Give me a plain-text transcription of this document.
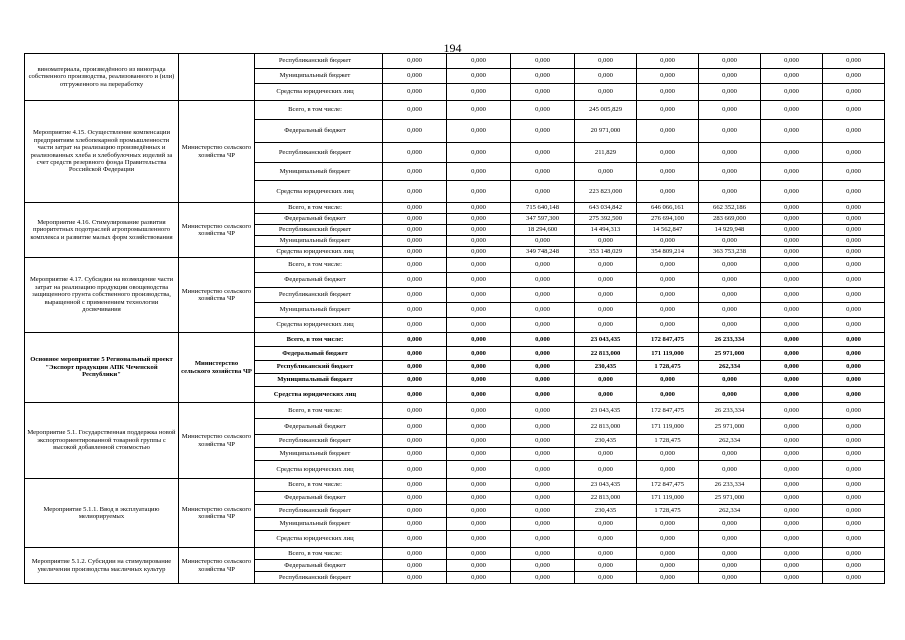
194
виноматериала, произведённого из винограда собственного производства, реализованного и (или) отгруженного на переработку		Республиканский бюджет	0,000	0,000	0,000	0,000	0,000	0,000	0,000	0,000
		Муниципальный бюджет	0,000	0,000	0,000	0,000	0,000	0,000	0,000	0,000
		Средства юридических лиц	0,000	0,000	0,000	0,000	0,000	0,000	0,000	0,000
Мероприятие 4.15. Осуществление компенсации предприятиям хлебопекарной промышленности части затрат на реализацию произведённых и реализованных хлеба и хлебобулочных изделий за счет средств резервного фонда Правительства Российской Федерации	Министерство сельского хозяйства ЧР	Всего, в том числе:	0,000	0,000	0,000	245 005,829	0,000	0,000	0,000	0,000
		Федеральный бюджет	0,000	0,000	0,000	20 971,000	0,000	0,000	0,000	0,000
		Республиканский бюджет	0,000	0,000	0,000	211,829	0,000	0,000	0,000	0,000
		Муниципальный бюджет	0,000	0,000	0,000	0,000	0,000	0,000	0,000	0,000
		Средства юридических лиц	0,000	0,000	0,000	223 823,000	0,000	0,000	0,000	0,000
Мероприятие 4.16. Стимулирование развития приоритетных подотраслей агропромышленного комплекса и развитие малых форм хозяйствования	Министерство сельского хозяйства ЧР	Всего, в том числе:	0,000	0,000	715 640,148	643 034,842	646 066,161	662 352,186	0,000	0,000
		Федеральный бюджет	0,000	0,000	347 597,300	275 392,500	276 694,100	283 669,000	0,000	0,000
		Республиканский бюджет	0,000	0,000	18 294,600	14 494,313	14 562,847	14 929,948	0,000	0,000
		Муниципальный бюджет	0,000	0,000	0,000	0,000	0,000	0,000	0,000	0,000
		Средства юридических лиц	0,000	0,000	349 748,248	353 148,029	354 809,214	363 753,238	0,000	0,000
Мероприятие 4.17. Субсидии на возмещение части затрат на реализацию продукции овощеводства защищенного грунта собственного производства, выращенной с применением технологии досвечивания	Министерство сельского хозяйства ЧР	Всего, в том числе:	0,000	0,000	0,000	0,000	0,000	0,000	0,000	0,000
		Федеральный бюджет	0,000	0,000	0,000	0,000	0,000	0,000	0,000	0,000
		Республиканский бюджет	0,000	0,000	0,000	0,000	0,000	0,000	0,000	0,000
		Муниципальный бюджет	0,000	0,000	0,000	0,000	0,000	0,000	0,000	0,000
		Средства юридических лиц	0,000	0,000	0,000	0,000	0,000	0,000	0,000	0,000
Основное мероприятие 5 Региональный проект "Экспорт продукции АПК Чеченской Республики"	Министерство сельского хозяйства ЧР	Всего, в том числе:	0,000	0,000	0,000	23 043,435	172 847,475	26 233,334	0,000	0,000
		Федеральный бюджет	0,000	0,000	0,000	22 813,000	171 119,000	25 971,000	0,000	0,000
		Республиканский бюджет	0,000	0,000	0,000	230,435	1 728,475	262,334	0,000	0,000
		Муниципальный бюджет	0,000	0,000	0,000	0,000	0,000	0,000	0,000	0,000
		Средства юридических лиц	0,000	0,000	0,000	0,000	0,000	0,000	0,000	0,000
Мероприятие 5.1. Государственная поддержка новой экспортоориентированной товарной группы с высокой добавленной стоимостью	Министерство сельского хозяйства ЧР	Всего, в том числе:	0,000	0,000	0,000	23 043,435	172 847,475	26 233,334	0,000	0,000
		Федеральный бюджет	0,000	0,000	0,000	22 813,000	171 119,000	25 971,000	0,000	0,000
		Республиканский бюджет	0,000	0,000	0,000	230,435	1 728,475	262,334	0,000	0,000
		Муниципальный бюджет	0,000	0,000	0,000	0,000	0,000	0,000	0,000	0,000
		Средства юридических лиц	0,000	0,000	0,000	0,000	0,000	0,000	0,000	0,000
Мероприятие 5.1.1. Ввод в эксплуатацию мелиорируемых	Министерство сельского хозяйства ЧР	Всего, в том числе:	0,000	0,000	0,000	23 043,435	172 847,475	26 233,334	0,000	0,000
		Федеральный бюджет	0,000	0,000	0,000	22 813,000	171 119,000	25 971,000	0,000	0,000
		Республиканский бюджет	0,000	0,000	0,000	230,435	1 728,475	262,334	0,000	0,000
		Муниципальный бюджет	0,000	0,000	0,000	0,000	0,000	0,000	0,000	0,000
		Средства юридических лиц	0,000	0,000	0,000	0,000	0,000	0,000	0,000	0,000
Мероприятие 5.1.2. Субсидии на стимулирование увеличения производства масличных культур	Министерство сельского хозяйства ЧР	Всего, в том числе:	0,000	0,000	0,000	0,000	0,000	0,000	0,000	0,000
		Федеральный бюджет	0,000	0,000	0,000	0,000	0,000	0,000	0,000	0,000
		Республиканский бюджет	0,000	0,000	0,000	0,000	0,000	0,000	0,000	0,000
